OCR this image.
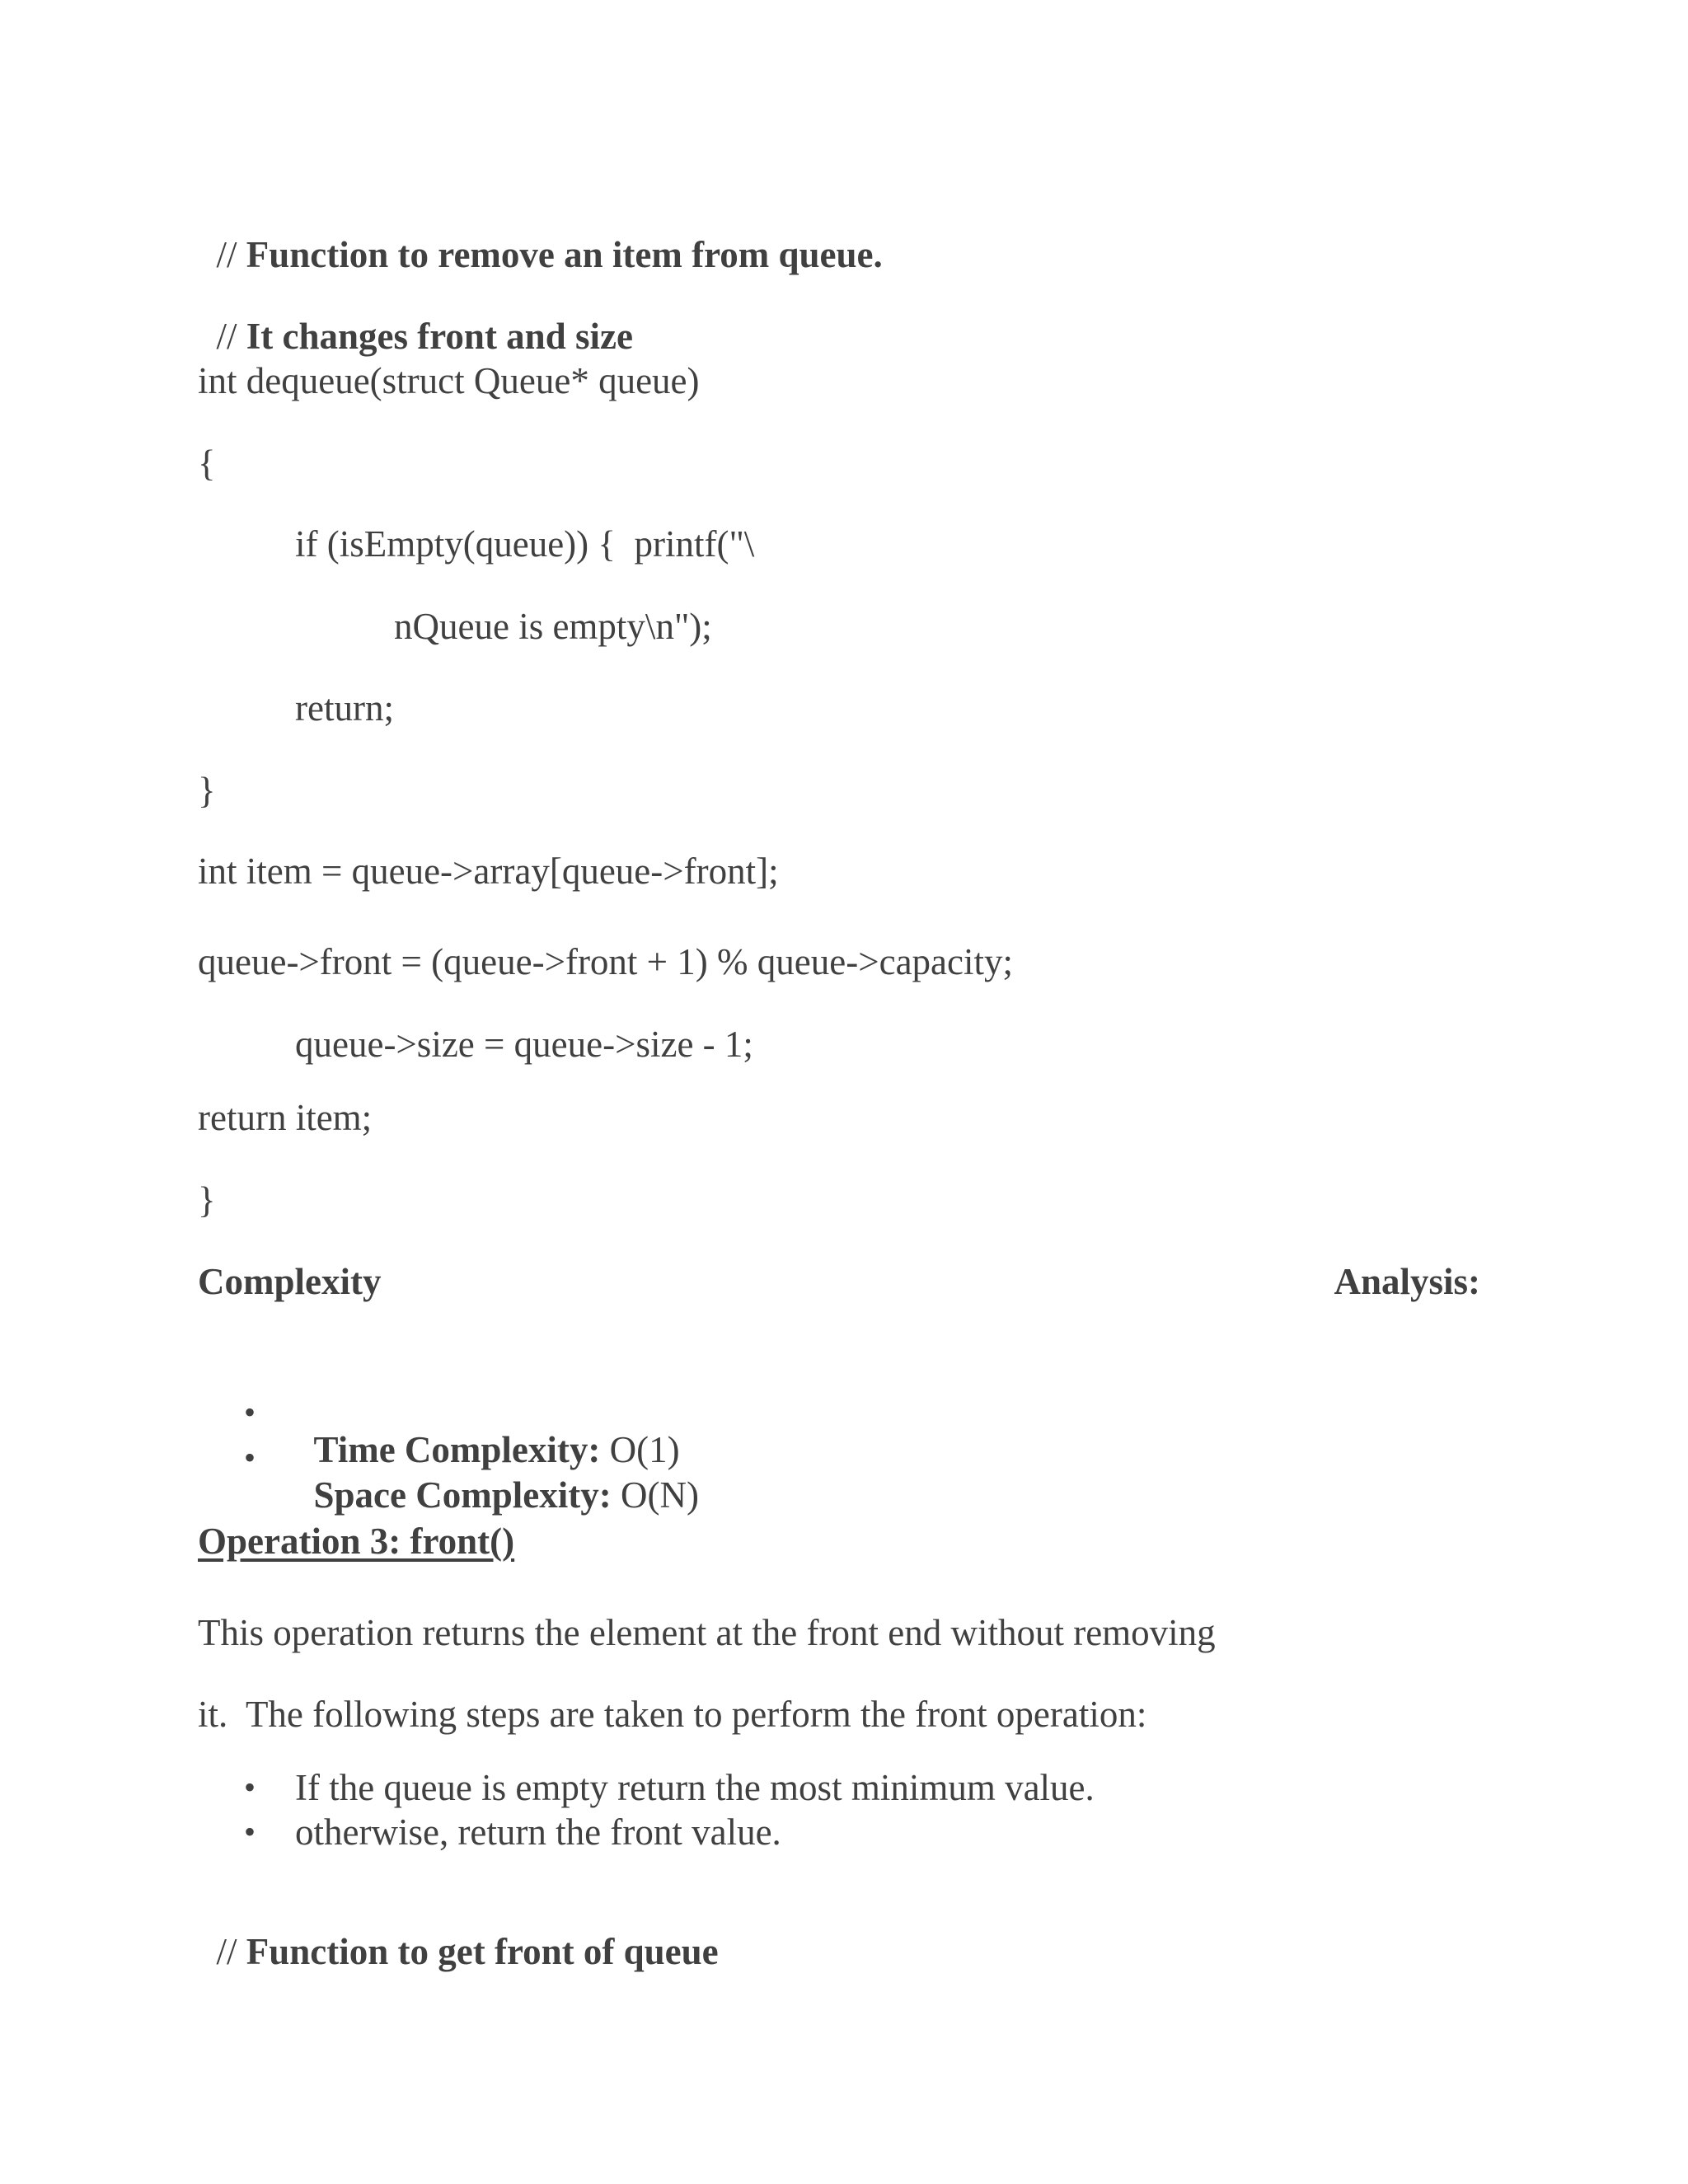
// Function to remove an item from queue.

// It changes front and size

int dequeue(struct Queue* queue)
{
if (isEmpty(queue)) {  printf("\
nQueue is empty\n");
return;
}
int item = queue->array[queue->front];
queue->front = (queue->front + 1) % queue->capacity;
queue->size = queue->size - 1;
return item;
}
Complexity	Analysis:
•

Time Complexity: O(1)

•

Space Complexity: O(N)

Operation 3: front()
This operation returns the element at the front end without removing
it.  The following steps are taken to perform the front operation:
• If the queue is empty return the most minimum value.
• otherwise, return the front value.

// Function to get front of queue
